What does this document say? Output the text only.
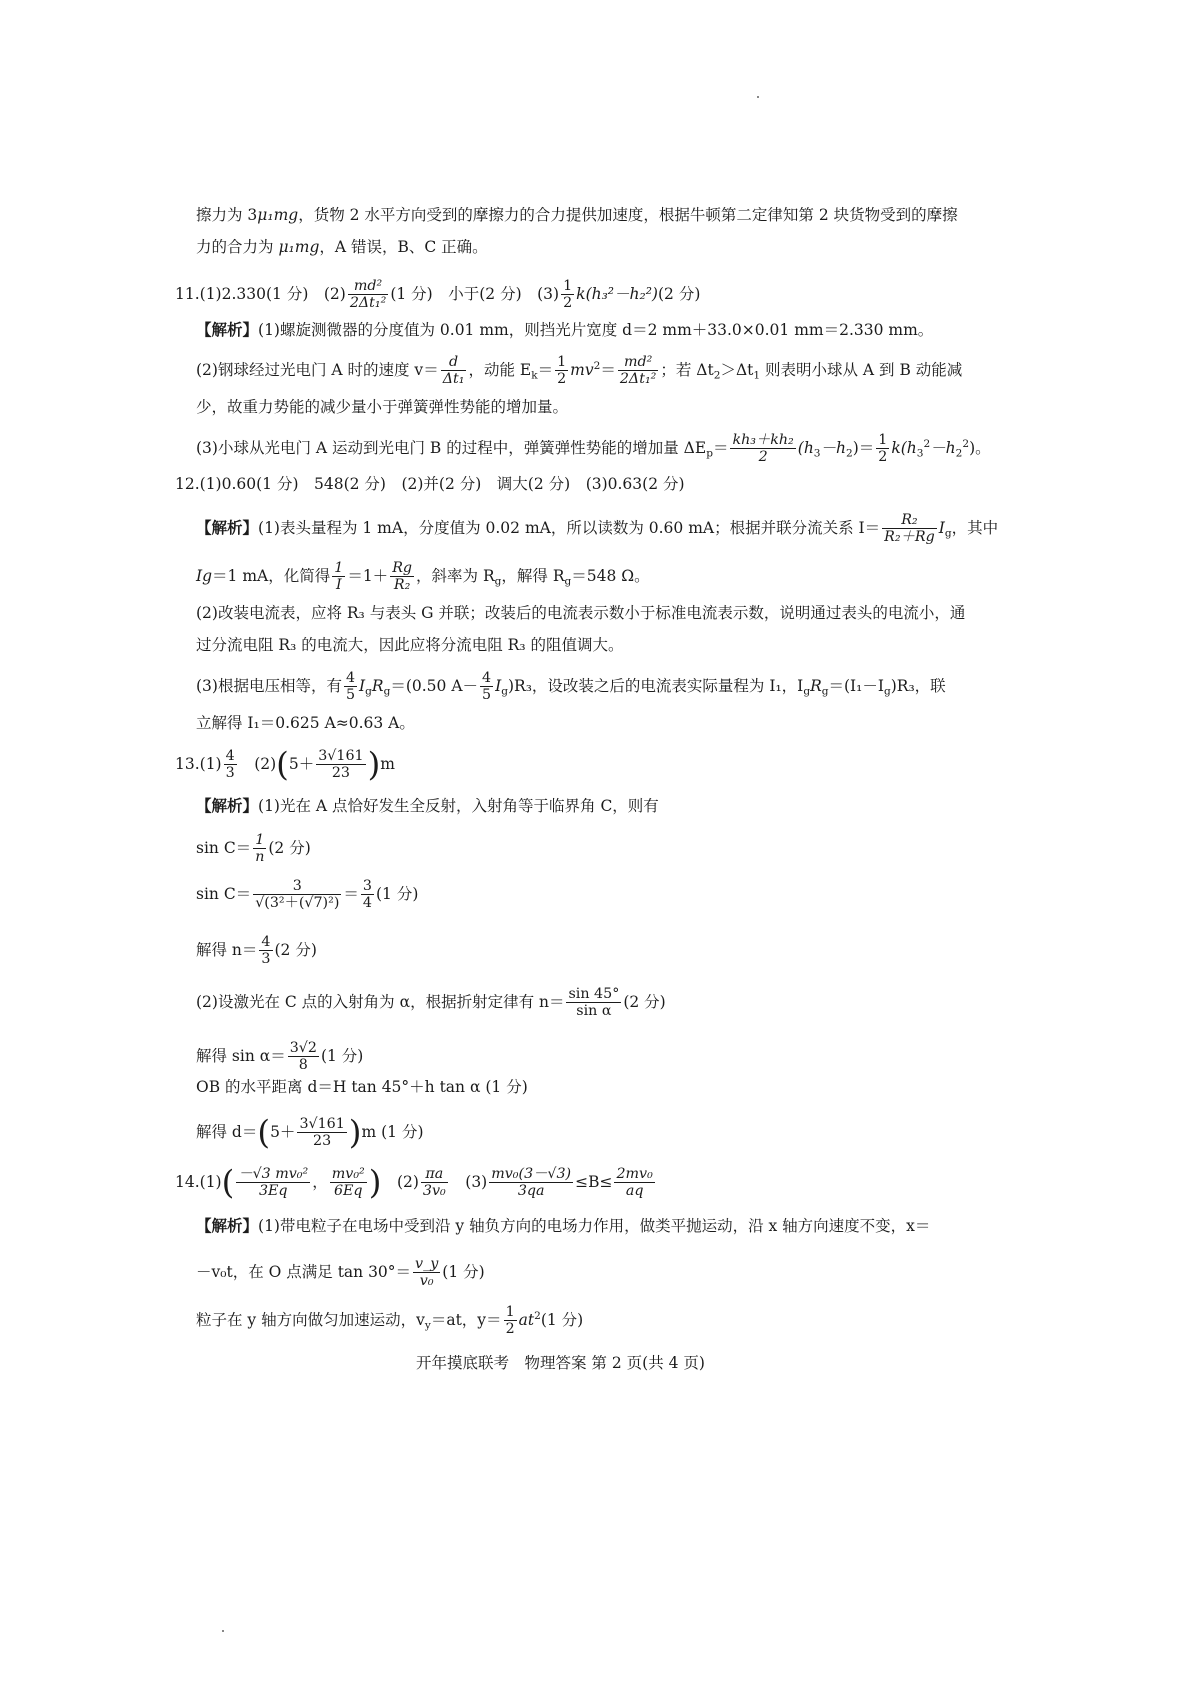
擦力为 3μ₁mg，货物 2 水平方向受到的摩擦力的合力提供加速度，根据牛顿第二定律知第 2 块货物受到的摩擦
力的合力为 μ₁mg，A 错误，B、C 正确。
11.(1)2.330(1 分)　$(2) \frac{\text{md²}}{\text{2Δt₁²}} (1$ 分)　小于(2 分)　$(3) \frac{1}{2} k(h_3^2-h_2^2)(2$ 分)
【解析】(1)螺旋测微器的分度值为 0.01 mm，则挡光片宽度 d＝2 mm＋33.0×0.01 mm＝2.330 mm。
(2)钢球经过光电门 A 时的速度 $v= \frac{d}{\text{Δt₁}}$ ，动能 $E_k= \frac{1}{2} mv^2= \frac{\text{md²}}{\text{2Δt₁²}}$ ；若 $\Delta t_2>\Delta t_1$ 则表明小球从 A 到 B 动能减
少，故重力势能的减少量小于弹簧弹性势能的增加量。
(3)小球从光电门 A 运动到光电门 B 的过程中，弹簧弹性势能的增加量 $\Delta E_p= \frac{\text{kh₃＋kh₂}}{2} (h_3-h_2)= \frac{1}{2} k(h_3^2-h_2^2)$。
12.(1)0.60(1 分)　548(2 分)　(2)并(2 分)　调大(2 分)　(3)0.63(2 分)
【解析】(1)表头量程为 1 mA，分度值为 0.02 mA，所以读数为 0.60 mA；根据并联分流关系 $I= \frac{\text{R₂}}{\text{R₂＋Rg}} I_g$，其中
Ig＝1 mA，化简得 $\frac{1}{I} =1+ \frac{Rg}{\text{R₂}}$ ，斜率为 $R_g$，解得 $R_g=548$ Ω。
(2)改装电流表，应将 R₃ 与表头 G 并联；改装后的电流表示数小于标准电流表示数，说明通过表头的电流小，通
过分流电阻 R₃ 的电流大，因此应将分流电阻 R₃ 的阻值调大。
(3)根据电压相等，有 $\frac{4}{5} I_gR_g=(0.50$ $A- \frac{4}{5} I_g)R_3$，设改装之后的电流表实际量程为 I₁，$I_gR_g=(I_1-I_g)R_3$，联
立解得 I₁＝0.625 A≈0.63 A。
$13.(1) \frac{4}{3}$ 　$(2)(5+ \frac{3√161}{23} )m$
【解析】(1)光在 A 点恰好发生全反射，入射角等于临界角 C，则有
$\sin C= \frac{1}{n} (2$ 分)
$\sin C= \frac{3}{\text{√(3²＋(√7)²)}} = \frac{3}{4} (1$ 分)
解得 $n= \frac{4}{3} (2$ 分)
(2)设激光在 C 点的入射角为 α，根据折射定律有 $n= \frac{\sin 45^\circ}{\text{sin α}} (2$ 分)
解得 $\sin \alpha= \frac{3√2}{8} (1$ 分)
OB 的水平距离 d＝H tan 45°＋h tan α (1 分)
解得 $d=(5+ \frac{3√161}{23} )m$ (1 分)
$14.(1)( \frac{\text{－√3 mv₀²}}{3Eq}$ ， $\frac{\text{mv₀²}}{6Eq}$ )　$(2) \frac{\pi a}{\text{3v₀}}$ 　$(3) \frac{\text{mv₀(3－√3)}}{3qa} \le B\le \frac{\text{2mv₀}}{aq}$
【解析】(1)带电粒子在电场中受到沿 y 轴负方向的电场力作用，做类平抛运动，沿 x 轴方向速度不变，x＝
－v₀t，在 O 点满足 $\tan 30^\circ= \frac{v\_y}{\text{v₀}} (1$ 分)
粒子在 y 轴方向做匀加速运动，$v_y=at$，$y= \frac{1}{2} at^2(1$ 分)
开年摸底联考　物理答案 第 2 页(共 4 页)
